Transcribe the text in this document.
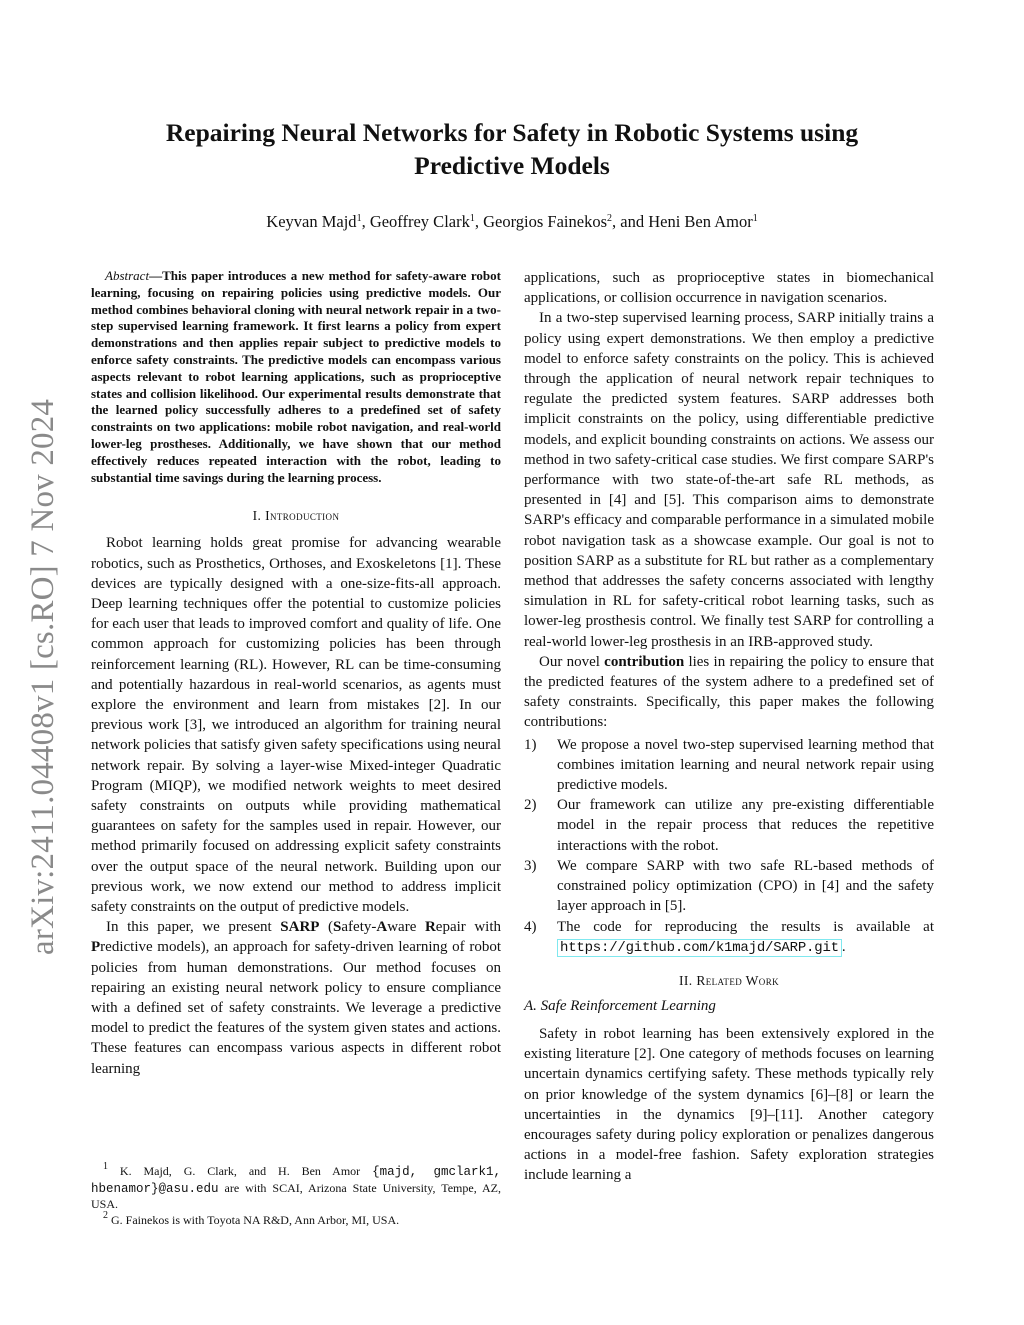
arXiv:2411.04408v1 [cs.RO] 7 Nov 2024
Repairing Neural Networks for Safety in Robotic Systems using Predictive Models
Keyvan Majd$^1$, Geoffrey Clark$^1$, Georgios Fainekos$^2$, and Heni Ben Amor$^1$

Abstract—This paper introduces a new method for safety-aware robot learning, focusing on repairing policies using predictive models. Our method combines behavioral cloning with neural network repair in a two-step supervised learning framework. It first learns a policy from expert demonstrations and then applies repair subject to predictive models to enforce safety constraints. The predictive models can encompass various aspects relevant to robot learning applications, such as proprioceptive states and collision likelihood. Our experimental results demonstrate that the learned policy successfully adheres to a predefined set of safety constraints on two applications: mobile robot navigation, and real-world lower-leg prostheses. Additionally, we have shown that our method effectively reduces repeated interaction with the robot, leading to substantial time savings during the learning process.

I. Introduction

Robot learning holds great promise for advancing wearable robotics, such as Prosthetics, Orthoses, and Exoskeletons [1]. These devices are typically designed with a one-size-fits-all approach. Deep learning techniques offer the potential to customize policies for each user that leads to improved comfort and quality of life. One common approach for customizing policies has been through reinforcement learning (RL). However, RL can be time-consuming and potentially hazardous in real-world scenarios, as agents must explore the environment and learn from mistakes [2]. In our previous work [3], we introduced an algorithm for training neural network policies that satisfy given safety specifications using neural network repair. By solving a layer-wise Mixed-integer Quadratic Program (MIQP), we modified network weights to meet desired safety constraints on outputs while providing mathematical guarantees on safety for the samples used in repair. However, our method primarily focused on addressing explicit safety constraints over the output space of the neural network. Building upon our previous work, we now extend our method to address implicit safety constraints on the output of predictive models.

In this paper, we present SARP (Safety-Aware Repair with Predictive models), an approach for safety-driven learning of robot policies from human demonstrations. Our method focuses on repairing an existing neural network policy to ensure compliance with a defined set of safety constraints. We leverage a predictive model to predict the features of the system given states and actions. These features can encompass various aspects in different robot learning

$^1$ K. Majd, G. Clark, and H. Ben Amor {majd, gmclark1, hbenamor}@asu.edu are with SCAI, Arizona State University, Tempe, AZ, USA.

$^2$ G. Fainekos is with Toyota NA R&D, Ann Arbor, MI, USA.

applications, such as proprioceptive states in biomechanical applications, or collision occurrence in navigation scenarios.

In a two-step supervised learning process, SARP initially trains a policy using expert demonstrations. We then employ a predictive model to enforce safety constraints on the policy. This is achieved through the application of neural network repair techniques to regulate the predicted system features. SARP addresses both implicit constraints on the policy, using differentiable predictive models, and explicit bounding constraints on actions. We assess our method in two safety-critical case studies. We first compare SARP's performance with two state-of-the-art safe RL methods, as presented in [4] and [5]. This comparison aims to demonstrate SARP's efficacy and comparable performance in a simulated mobile robot navigation task as a showcase example. Our goal is not to position SARP as a substitute for RL but rather as a complementary method that addresses the safety concerns associated with lengthy simulation in RL for safety-critical robot learning tasks, such as lower-leg prosthesis control. We finally test SARP for controlling a real-world lower-leg prosthesis in an IRB-approved study.

Our novel contribution lies in repairing the policy to ensure that the predicted features of the system adhere to a predefined set of safety constraints. Specifically, this paper makes the following contributions:

1) We propose a novel two-step supervised learning method that combines imitation learning and neural network repair using predictive models.
2) Our framework can utilize any pre-existing differentiable model in the repair process that reduces the repetitive interactions with the robot.
3) We compare SARP with two safe RL-based methods of constrained policy optimization (CPO) in [4] and the safety layer approach in [5].
4) The code for reproducing the results is available at https://github.com/k1majd/SARP.git .
II. Related Work
A. Safe Reinforcement Learning

Safety in robot learning has been extensively explored in the existing literature [2]. One category of methods focuses on learning uncertain dynamics certifying safety. These methods typically rely on prior knowledge of the system dynamics [6]–[8] or learn the uncertainties in the dynamics [9]–[11]. Another category encourages safety during policy exploration or penalizes dangerous actions in a model-free fashion. Safety exploration strategies include learning a
